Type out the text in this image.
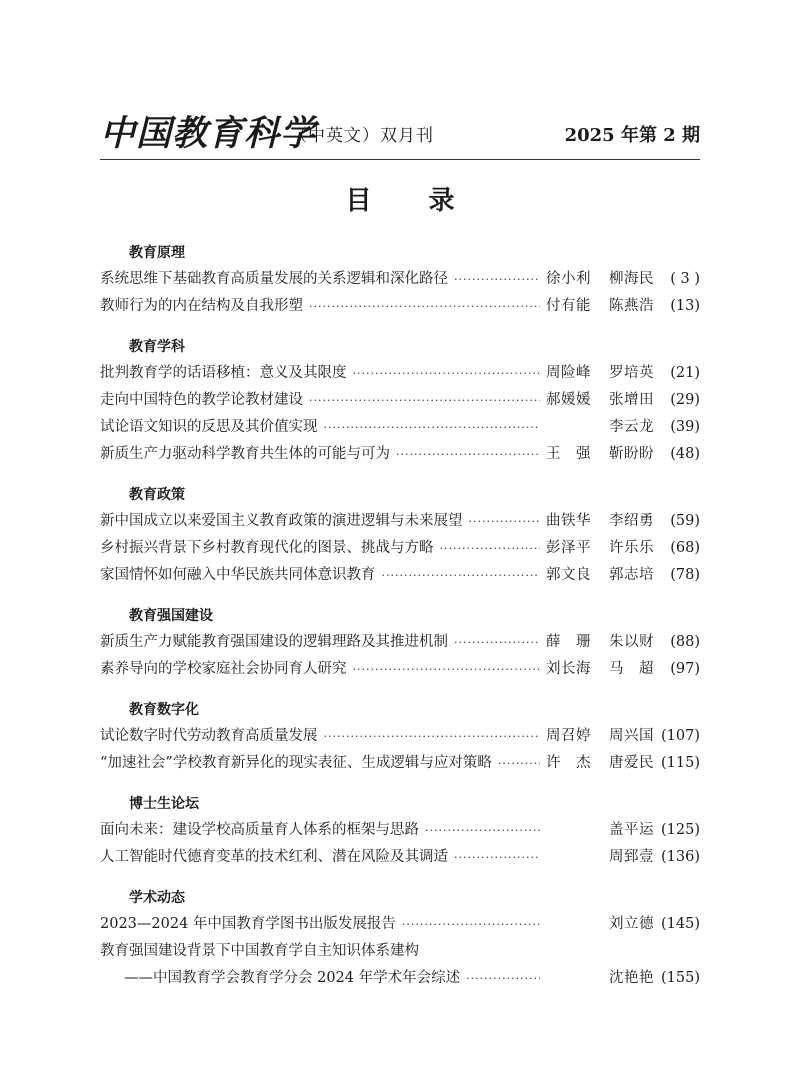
中国教育科学
（中英文）双月刊	2025 年第 2 期
目 录
教育原理
系统思维下基础教育高质量发展的关系逻辑和深化路径 ·····	徐小利 柳海民	( 3 )
教师行为的内在结构及自我形塑 ·····	付有能 陈燕浩	(13)
教育学科
批判教育学的话语移植：意义及其限度 ·····	周险峰 罗培英	(21)
走向中国特色的教学论教材建设 ·····	郝媛媛 张增田	(29)
试论语文知识的反思及其价值实现 ·····	李云龙	(39)
新质生产力驱动科学教育共生体的可能与可为 ·····	王　强 靳盼盼	(48)
教育政策
新中国成立以来爱国主义教育政策的演进逻辑与未来展望 ·····	曲铁华 李绍勇	(59)
乡村振兴背景下乡村教育现代化的图景、挑战与方略 ·····	彭泽平 许乐乐	(68)
家国情怀如何融入中华民族共同体意识教育 ·····	郭文良 郭志培	(78)
教育强国建设
新质生产力赋能教育强国建设的逻辑理路及其推进机制 ·····	薛　珊 朱以财	(88)
素养导向的学校家庭社会协同育人研究 ·····	刘长海 马　超	(97)
教育数字化
试论数字时代劳动教育高质量发展 ·····	周召婷 周兴国 (107)
“加速社会”学校教育新异化的现实表征、生成逻辑与应对策略 ·····	许　杰 唐爱民 (115)
博士生论坛
面向未来：建设学校高质量育人体系的框架与思路 ·····	盖平运 (125)
人工智能时代德育变革的技术红利、潜在风险及其调适 ·····	周郅壹 (136)
学术动态
2023—2024 年中国教育学图书出版发展报告 ·····	刘立德 (145)
教育强国建设背景下中国教育学自主知识体系建构
——中国教育学会教育学分会 2024 年学术年会综述 ·····	沈艳艳 (155)
